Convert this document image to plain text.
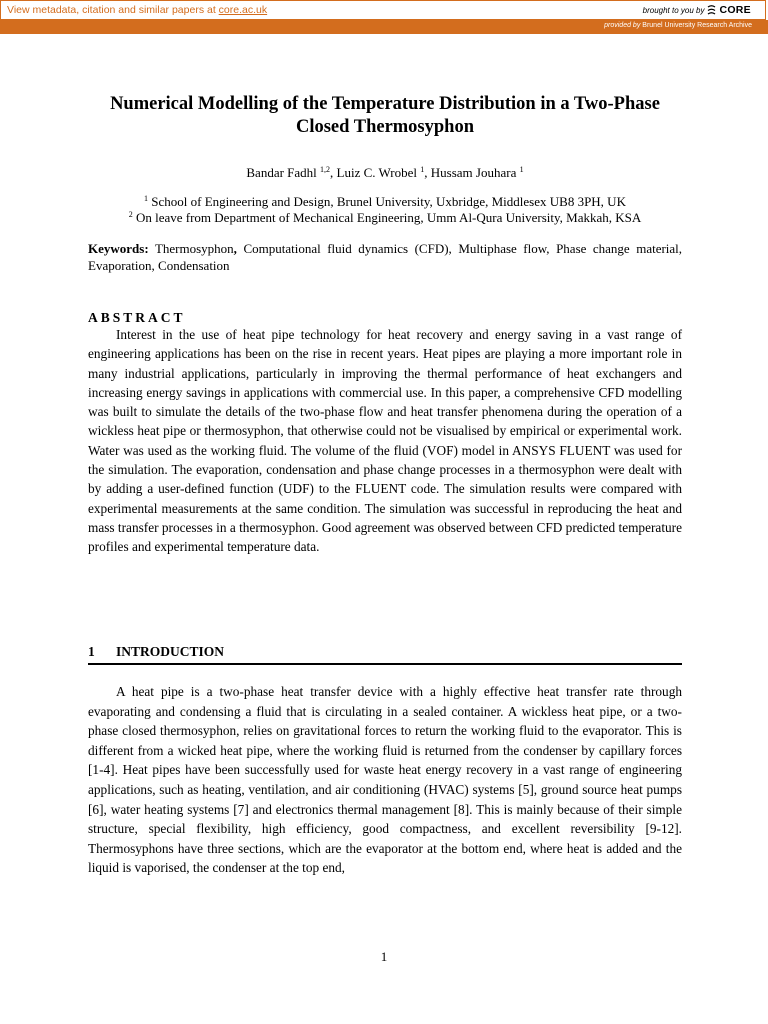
View metadata, citation and similar papers at core.ac.uk	brought to you by CORE
provided by Brunel University Research Archive
Numerical Modelling of the Temperature Distribution in a Two-Phase Closed Thermosyphon
Bandar Fadhl $^{1,2}$, Luiz C. Wrobel $^1$, Hussam Jouhara $^1$
$^1$ School of Engineering and Design, Brunel University, Uxbridge, Middlesex UB8 3PH, UK
$^2$ On leave from Department of Mechanical Engineering, Umm Al-Qura University, Makkah, KSA
Keywords: Thermosyphon, Computational fluid dynamics (CFD), Multiphase flow, Phase change material, Evaporation, Condensation
ABSTRACT
Interest in the use of heat pipe technology for heat recovery and energy saving in a vast range of engineering applications has been on the rise in recent years. Heat pipes are playing a more important role in many industrial applications, particularly in improving the thermal performance of heat exchangers and increasing energy savings in applications with commercial use. In this paper, a comprehensive CFD modelling was built to simulate the details of the two-phase flow and heat transfer phenomena during the operation of a wickless heat pipe or thermosyphon, that otherwise could not be visualised by empirical or experimental work. Water was used as the working fluid. The volume of the fluid (VOF) model in ANSYS FLUENT was used for the simulation. The evaporation, condensation and phase change processes in a thermosyphon were dealt with by adding a user-defined function (UDF) to the FLUENT code. The simulation results were compared with experimental measurements at the same condition. The simulation was successful in reproducing the heat and mass transfer processes in a thermosyphon. Good agreement was observed between CFD predicted temperature profiles and experimental temperature data.
1 INTRODUCTION
A heat pipe is a two-phase heat transfer device with a highly effective heat transfer rate through evaporating and condensing a fluid that is circulating in a sealed container. A wickless heat pipe, or a two-phase closed thermosyphon, relies on gravitational forces to return the working fluid to the evaporator. This is different from a wicked heat pipe, where the working fluid is returned from the condenser by capillary forces [1-4]. Heat pipes have been successfully used for waste heat energy recovery in a vast range of engineering applications, such as heating, ventilation, and air conditioning (HVAC) systems [5], ground source heat pumps [6], water heating systems [7] and electronics thermal management [8]. This is mainly because of their simple structure, special flexibility, high efficiency, good compactness, and excellent reversibility [9-12]. Thermosyphons have three sections, which are the evaporator at the bottom end, where heat is added and the liquid is vaporised, the condenser at the top end,
1
